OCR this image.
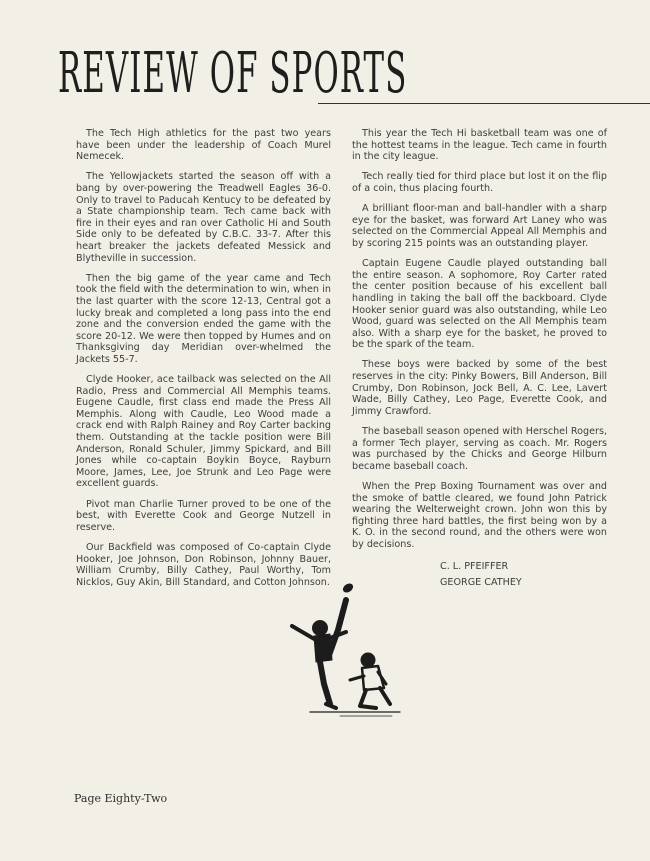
REVIEW OF SPORTS

The Tech High athletics for the past two years have been under the leadership of Coach Murel Nemecek.

The Yellowjackets started the season off with a bang by over-powering the Treadwell Eagles 36-0. Only to travel to Paducah Kentucy to be defeated by a State championship team. Tech came back with fire in their eyes and ran over Catholic Hi and South Side only to be defeated by C.B.C. 33-7. After this heart breaker the jackets defeated Messick and Blytheville in succession.

Then the big game of the year came and Tech took the field with the determination to win, when in the last quarter with the score 12-13, Central got a lucky break and completed a long pass into the end zone and the conversion ended the game with the score 20-12. We were then topped by Humes and on Thanksgiving day Meridian over-whelmed the Jackets 55-7.

Clyde Hooker, ace tailback was selected on the All Radio, Press and Commercial All Memphis teams. Eugene Caudle, first class end made the Press All Memphis. Along with Caudle, Leo Wood made a crack end with Ralph Rainey and Roy Carter backing them. Outstanding at the tackle position were Bill Anderson, Ronald Schuler, Jimmy Spickard, and Bill Jones while co-captain Boykin Boyce, Rayburn Moore, James, Lee, Joe Strunk and Leo Page were excellent guards.

Pivot man Charlie Turner proved to be one of the best, with Everette Cook and George Nutzell in reserve.

Our Backfield was composed of Co-captain Clyde Hooker, Joe Johnson, Don Robinson, Johnny Bauer, William Crumby, Billy Cathey, Paul Worthy, Tom Nicklos, Guy Akin, Bill Standard, and Cotton Johnson.

This year the Tech Hi basketball team was one of the hottest teams in the league. Tech came in fourth in the city league.

Tech really tied for third place but lost it on the flip of a coin, thus placing fourth.

A brilliant floor-man and ball-handler with a sharp eye for the basket, was forward Art Laney who was selected on the Commercial Appeal All Memphis and by scoring 215 points was an outstanding player.

Captain Eugene Caudle played outstanding ball the entire season. A sophomore, Roy Carter rated the center position because of his excellent ball handling in taking the ball off the backboard. Clyde Hooker senior guard was also outstanding, while Leo Wood, guard was selected on the All Memphis team also. With a sharp eye for the basket, he proved to be the spark of the team.

These boys were backed by some of the best reserves in the city: Pinky Bowers, Bill Anderson, Bill Crumby, Don Robinson, Jock Bell, A. C. Lee, Lavert Wade, Billy Cathey, Leo Page, Everette Cook, and Jimmy Crawford.

The baseball season opened with Herschel Rogers, a former Tech player, serving as coach. Mr. Rogers was purchased by the Chicks and George Hilburn became baseball coach.

When the Prep Boxing Tournament was over and the smoke of battle cleared, we found John Patrick wearing the Welterweight crown. John won this by fighting three hard battles, the first being won by a K. O. in the second round, and the others were won by decisions.

C. L. PFEIFFER
GEORGE CATHEY
Page Eighty-Two
